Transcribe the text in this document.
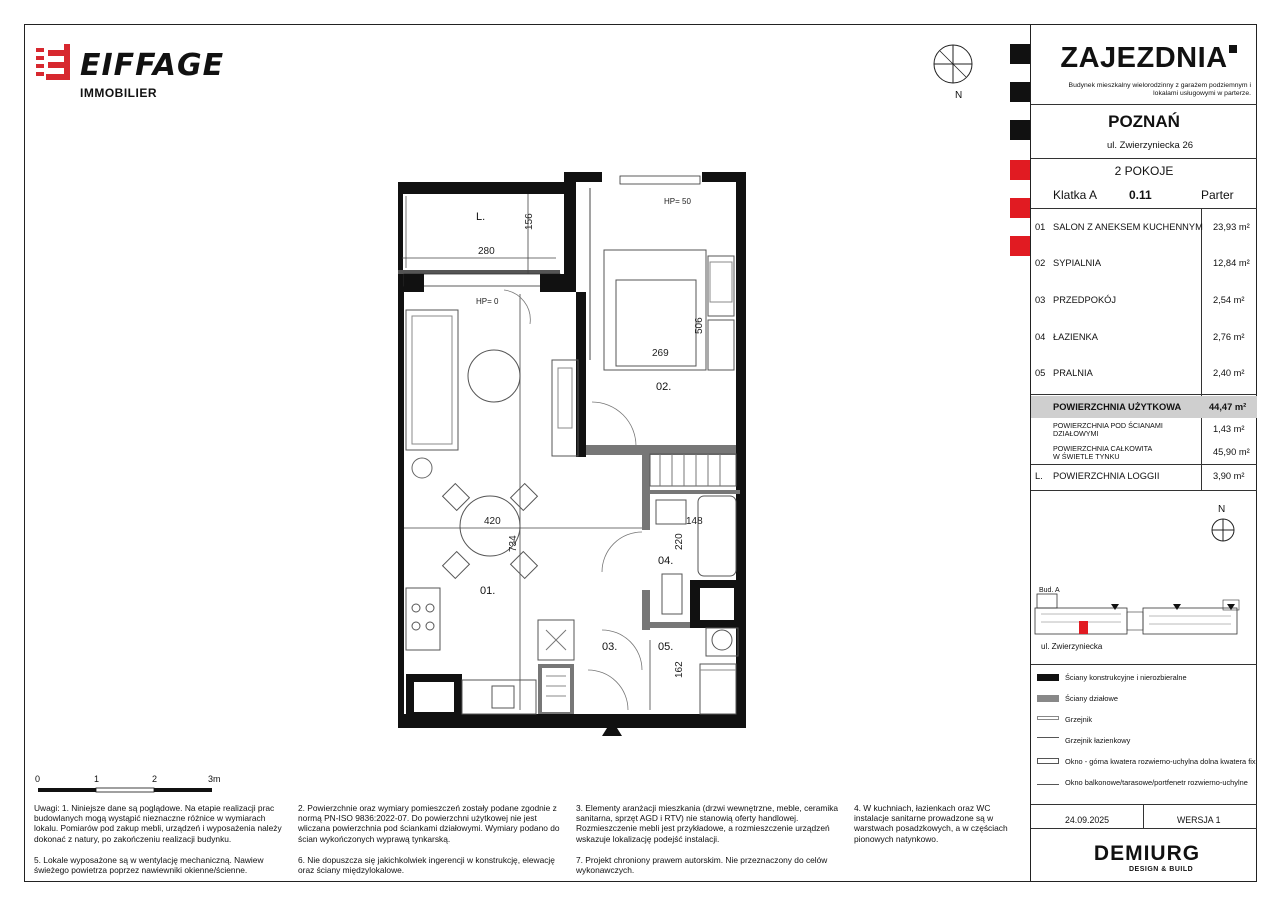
EIFFAGE
IMMOBILIER	N
L.
02.
01.
04.
03.	05.
156
280
HP= 50
HP= 0
506
269
420
734	220
148
162
0	1	2	3m
Uwagi: 1. Niniejsze dane są poglądowe. Na etapie realizacji prac budowlanych mogą wystąpić nieznaczne różnice w wymiarach lokalu. Pomiarów pod zakup mebli, urządzeń i wyposażenia należy dokonać z natury, po zakończeniu realizacji budynku.
2. Powierzchnie oraz wymiary pomieszczeń zostały podane zgodnie z normą PN-ISO 9836:2022-07. Do powierzchni użytkowej nie jest wliczana powierzchnia pod ściankami działowymi. Wymiary podano do ścian wykończonych wyprawą tynkarską.
3. Elementy aranżacji mieszkania (drzwi wewnętrzne, meble, ceramika sanitarna, sprzęt AGD i RTV) nie stanowią oferty handlowej. Rozmieszczenie mebli jest przykładowe, a rozmieszczenie urządzeń wskazuje lokalizację podejść instalacji.
4. W kuchniach, łazienkach oraz WC instalacje sanitarne prowadzone są w warstwach posadzkowych, a w częściach pionowych natynkowo.
5. Lokale wyposażone są w wentylację mechaniczną. Nawiew świeżego powietrza poprzez nawiewniki okienne/ścienne.
6. Nie dopuszcza się jakichkolwiek ingerencji w konstrukcję, elewację oraz ściany międzylokalowe.
7. Projekt chroniony prawem autorskim. Nie przeznaczony do celów wykonawczych.
ZAJEZDNIA
Budynek mieszkalny wielorodzinny z garażem podziemnym i lokalami usługowymi w parterze.
POZNAŃ
ul. Zwierzyniecka 26
2 POKOJE
Klatka A	0.11	Parter
01 SALON Z ANEKSEM KUCHENNYM 23,93 m²
02 SYPIALNIA	12,84 m²
03 PRZEDPOKÓJ	2,54 m²
04 ŁAZIENKA	2,76 m²
05 PRALNIA	2,40 m²
POWIERZCHNIA UŻYTKOWA	44,47 m²
POWIERZCHNIA POD ŚCIANAMI
DZIAŁOWYMI	1,43 m²
POWIERZCHNIA CAŁKOWITA
W ŚWIETLE TYNKU	45,90 m²
L. POWIERZCHNIA LOGGII	3,90 m²
N
Bud. A
ul. Zwierzyniecka
Ściany konstrukcyjne i nierozbieralne
Ściany działowe
Grzejnik
Grzejnik łazienkowy
Okno - górna kwatera rozwierno-uchylna dolna kwatera fix
Okno balkonowe/tarasowe/portfenetr rozwierno-uchylne
24.09.2025	WERSJA 1
DEMIURG
DESIGN & BUILD
